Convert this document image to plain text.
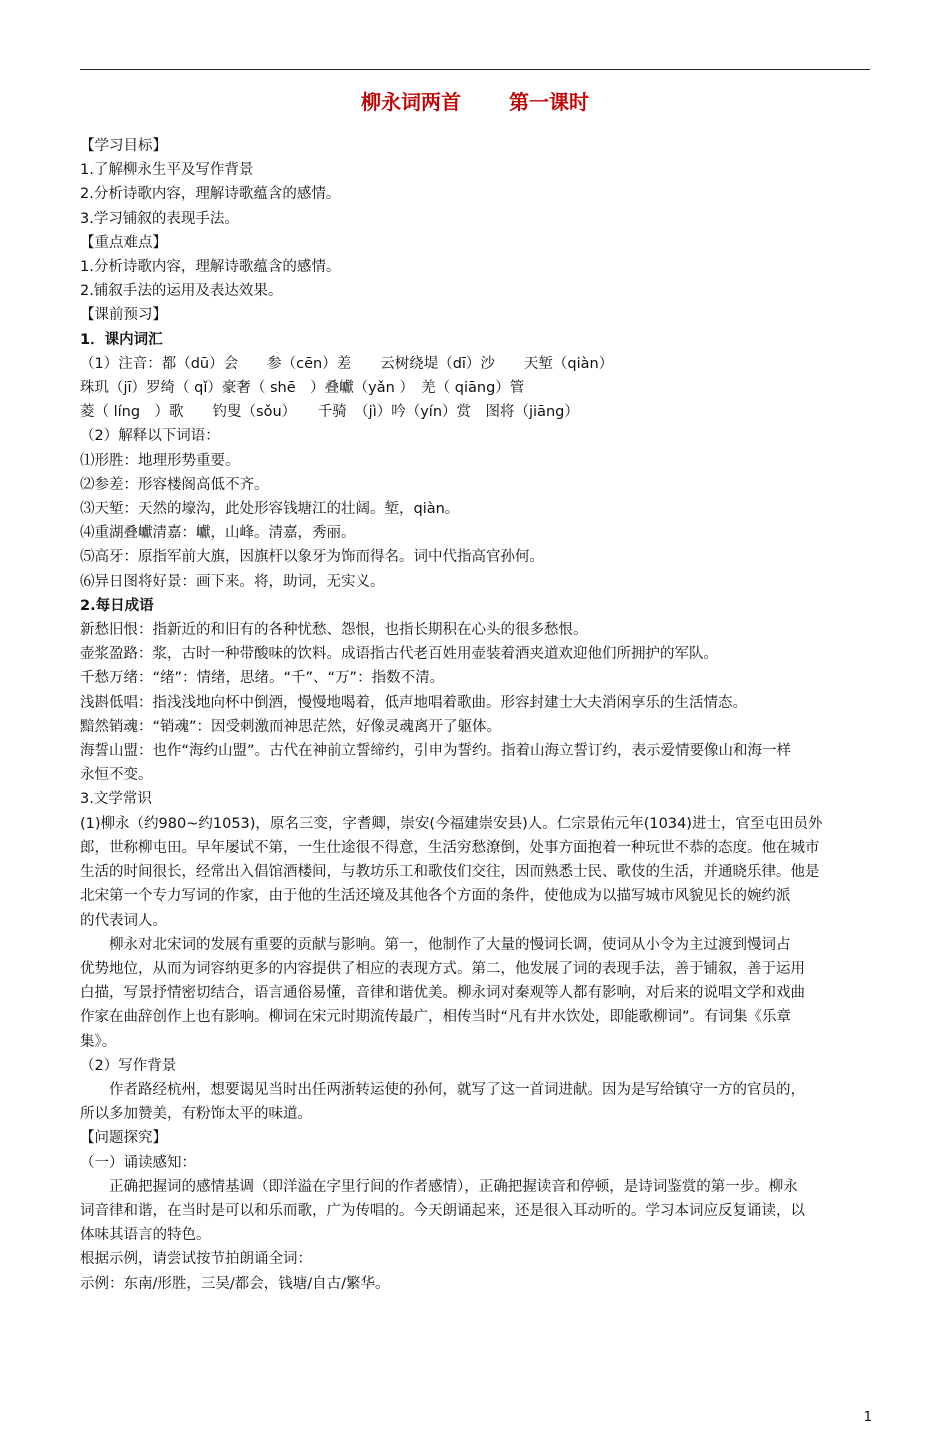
柳永词两首 第一课时
【学习目标】
1.了解柳永生平及写作背景
2.分析诗歌内容，理解诗歌蕴含的感情。
3.学习铺叙的表现手法。
【重点难点】
1.分析诗歌内容，理解诗歌蕴含的感情。
2.铺叙手法的运用及表达效果。
【课前预习】
1．课内词汇
（1）注音：都（dū）会　　参（cēn）差　　云树绕堤（dī）沙　　天堑（qiàn）
珠玑（jī）罗绮（ qǐ）豪奢（ shē　）叠巘（yǎn ）　羌（ qiāng）管
菱（ líng　）歌　　钓叟（sǒu）　　千骑　（jì）吟（yín）赏　图将（jiāng）
（2）解释以下词语：
⑴形胜：地理形势重要。
⑵参差：形容楼阁高低不齐。
⑶天堑：天然的壕沟，此处形容钱塘江的壮阔。堑，qiàn。
⑷重湖叠巘清嘉：巘，山峰。清嘉，秀丽。
⑸高牙：原指军前大旗，因旗杆以象牙为饰而得名。词中代指高官孙何。
⑹异日图将好景：画下来。将，助词，无实义。
2.每日成语
新愁旧恨：指新近的和旧有的各种忧愁、怨恨，也指长期积在心头的很多愁恨。
壶浆盈路：浆，古时一种带酸味的饮料。成语指古代老百姓用壶装着酒夹道欢迎他们所拥护的军队。
千愁万绪：“绪”：情绪，思绪。“千”、“万”：指数不清。
浅斟低唱：指浅浅地向杯中倒酒，慢慢地喝着，低声地唱着歌曲。形容封建士大夫消闲享乐的生活情态。
黯然销魂：“销魂”：因受刺激而神思茫然，好像灵魂离开了躯体。
海誓山盟：也作“海约山盟”。古代在神前立誓缔约，引申为誓约。指着山海立誓订约，表示爱情要像山和海一样
永恒不变。
3.文学常识
(1)柳永（约980~约1053)，原名三变，字耆卿，崇安(今福建崇安县)人。仁宗景佑元年(1034)进士，官至屯田员外
郎，世称柳屯田。早年屡试不第，一生仕途很不得意，生活穷愁潦倒，处事方面抱着一种玩世不恭的态度。他在城市
生活的时间很长，经常出入倡馆酒楼间，与教坊乐工和歌伎们交往，因而熟悉士民、歌伎的生活，并通晓乐律。他是
北宋第一个专力写词的作家，由于他的生活还境及其他各个方面的条件，使他成为以描写城市风貌见长的婉约派
的代表词人。
柳永对北宋词的发展有重要的贡献与影响。第一，他制作了大量的慢词长调，使词从小令为主过渡到慢词占
优势地位，从而为词容纳更多的内容提供了相应的表现方式。第二，他发展了词的表现手法，善于铺叙，善于运用
白描，写景抒情密切结合，语言通俗易懂，音律和谐优美。柳永词对秦观等人都有影响，对后来的说唱文学和戏曲
作家在曲辞创作上也有影响。柳词在宋元时期流传最广，相传当时“凡有井水饮处，即能歌柳词”。有词集《乐章
集》。
（2）写作背景
作者路经杭州，想要谒见当时出任两浙转运使的孙何，就写了这一首词进献。因为是写给镇守一方的官员的，
所以多加赞美，有粉饰太平的味道。
【问题探究】
（一）诵读感知：
正确把握词的感情基调（即洋溢在字里行间的作者感情），正确把握读音和停顿，是诗词鉴赏的第一步。柳永
词音律和谐，在当时是可以和乐而歌，广为传唱的。今天朗诵起来，还是很入耳动听的。学习本词应反复诵读，以
体味其语言的特色。
根据示例，请尝试按节拍朗诵全词：
示例：东南/形胜，三吴/都会，钱塘/自古/繁华。
1
